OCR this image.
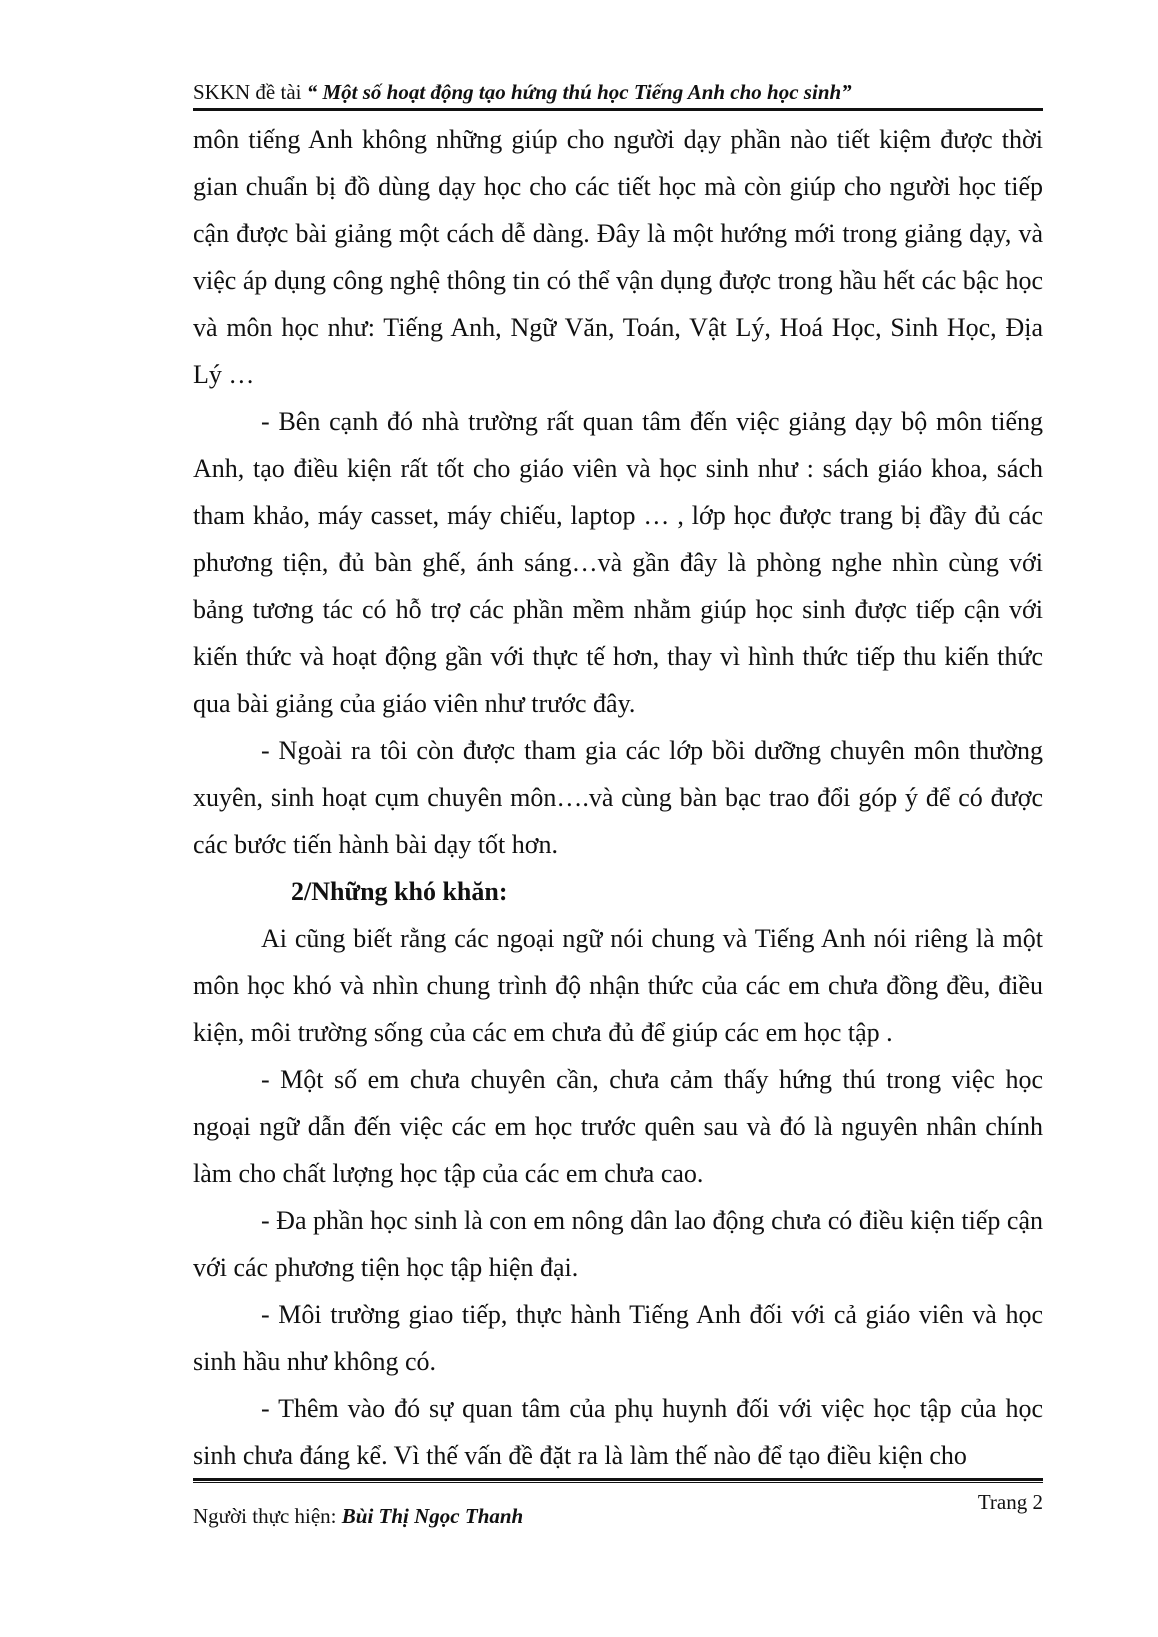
SKKN đề tài “ Một số hoạt động tạo hứng thú học Tiếng Anh cho học sinh”

môn tiếng Anh không những giúp cho người dạy phần nào tiết kiệm được thời gian chuẩn bị đồ dùng dạy học cho các tiết học mà còn giúp cho người học tiếp cận được bài giảng một cách dễ dàng. Đây là một hướng mới trong giảng dạy, và việc áp dụng công nghệ thông tin có thể vận dụng được trong hầu hết các bậc học và môn học như: Tiếng Anh, Ngữ Văn, Toán, Vật Lý, Hoá Học, Sinh Học, Địa Lý …

- Bên cạnh đó nhà trường rất quan tâm đến việc giảng dạy bộ môn tiếng Anh, tạo điều kiện rất tốt cho giáo viên và học sinh như : sách giáo khoa, sách tham khảo, máy casset, máy chiếu, laptop … , lớp học được trang bị đầy đủ các phương tiện, đủ bàn ghế, ánh sáng…và gần đây là phòng nghe nhìn cùng với bảng tương tác có hỗ trợ các phần mềm nhằm giúp học sinh được tiếp cận với kiến thức và hoạt động gần với thực tế hơn, thay vì hình thức tiếp thu kiến thức qua bài giảng của giáo viên như trước đây.

- Ngoài ra tôi còn được tham gia các lớp bồi dưỡng chuyên môn thường xuyên, sinh hoạt cụm chuyên môn….và cùng bàn bạc trao đổi góp ý để có được các bước tiến hành bài dạy tốt hơn.

2/Những khó khăn:

Ai cũng biết rằng các ngoại ngữ nói chung và Tiếng Anh nói riêng là một môn học khó và nhìn chung trình độ nhận thức của các em chưa đồng đều, điều kiện, môi trường sống của các em chưa đủ để giúp các em học tập .

- Một số em chưa chuyên cần, chưa cảm thấy hứng thú trong việc học ngoại ngữ dẫn đến việc các em học trước quên sau và đó là nguyên nhân chính làm cho chất lượng học tập của các em chưa cao.

- Đa phần học sinh là con em nông dân lao động chưa có điều kiện tiếp cận với các phương tiện học tập hiện đại.

- Môi trường giao tiếp, thực hành Tiếng Anh đối với cả giáo viên và học sinh hầu như không có.

- Thêm vào đó sự quan tâm của phụ huynh đối với việc học tập của học sinh chưa đáng kể. Vì thế vấn đề đặt ra là làm thế nào để tạo điều kiện cho

Trang 2
Người thực hiện: Bùi Thị Ngọc Thanh
